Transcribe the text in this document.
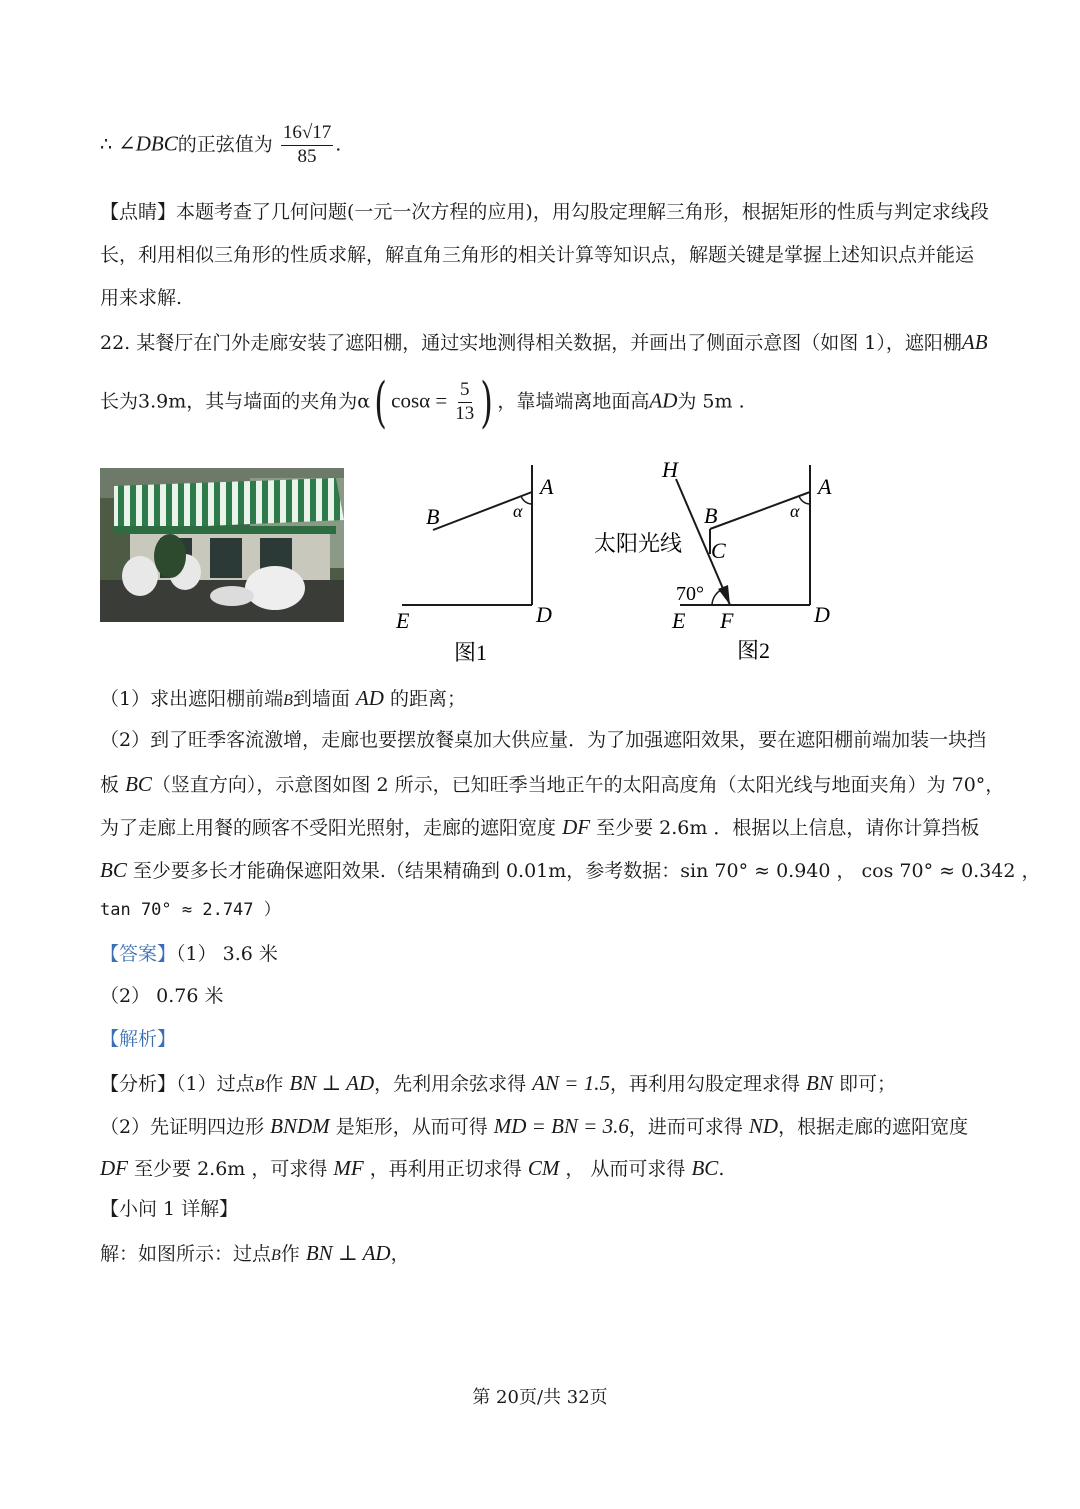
∴ ∠DBC的正弦值为 $\frac{16√17}{85}$ .
【点睛】本题考查了几何问题(一元一次方程的应用)，用勾股定理解三角形，根据矩形的性质与判定求线段
长，利用相似三角形的性质求解，解直角三角形的相关计算等知识点，解题关键是掌握上述知识点并能运
用来求解.
22. 某餐厅在门外走廊安装了遮阳棚，通过实地测得相关数据，并画出了侧面示意图（如图 1），遮阳棚AB
长为3.9m，其与墙面的夹角为α( $\cos\alpha = \frac{5}{13}$ ) ，靠墙端离地面高AD为 5m .
A
B	α
D
E
图1
H
A
B	α
C
太阳光线
70°
D
E F
图2
（1）求出遮阳棚前端B到墙面 AD 的距离；
（2）到了旺季客流激增，走廊也要摆放餐桌加大供应量．为了加强遮阳效果，要在遮阳棚前端加装一块挡
板 BC（竖直方向），示意图如图 2 所示，已知旺季当地正午的太阳高度角（太阳光线与地面夹角）为 70°，
为了走廊上用餐的顾客不受阳光照射，走廊的遮阳宽度 DF 至少要 2.6m ．根据以上信息，请你计算挡板
BC 至少要多长才能确保遮阳效果.（结果精确到 0.01m，参考数据：sin 70° ≈ 0.940 ， cos 70° ≈ 0.342 ，
tan 70° ≈ 2.747 ）
【答案】（1） 3.6 米
（2） 0.76 米
【解析】
【分析】（1）过点B作 BN ⊥ AD，先利用余弦求得 AN = 1.5，再利用勾股定理求得 BN 即可；
（2）先证明四边形 BNDM 是矩形，从而可得 MD = BN = 3.6，进而可求得 ND，根据走廊的遮阳宽度
DF 至少要 2.6m ，可求得 MF ，再利用正切求得 CM ， 从而可求得 BC.
【小问 1 详解】
解：如图所示：过点B作 BN ⊥ AD，
第 20页/共 32页
